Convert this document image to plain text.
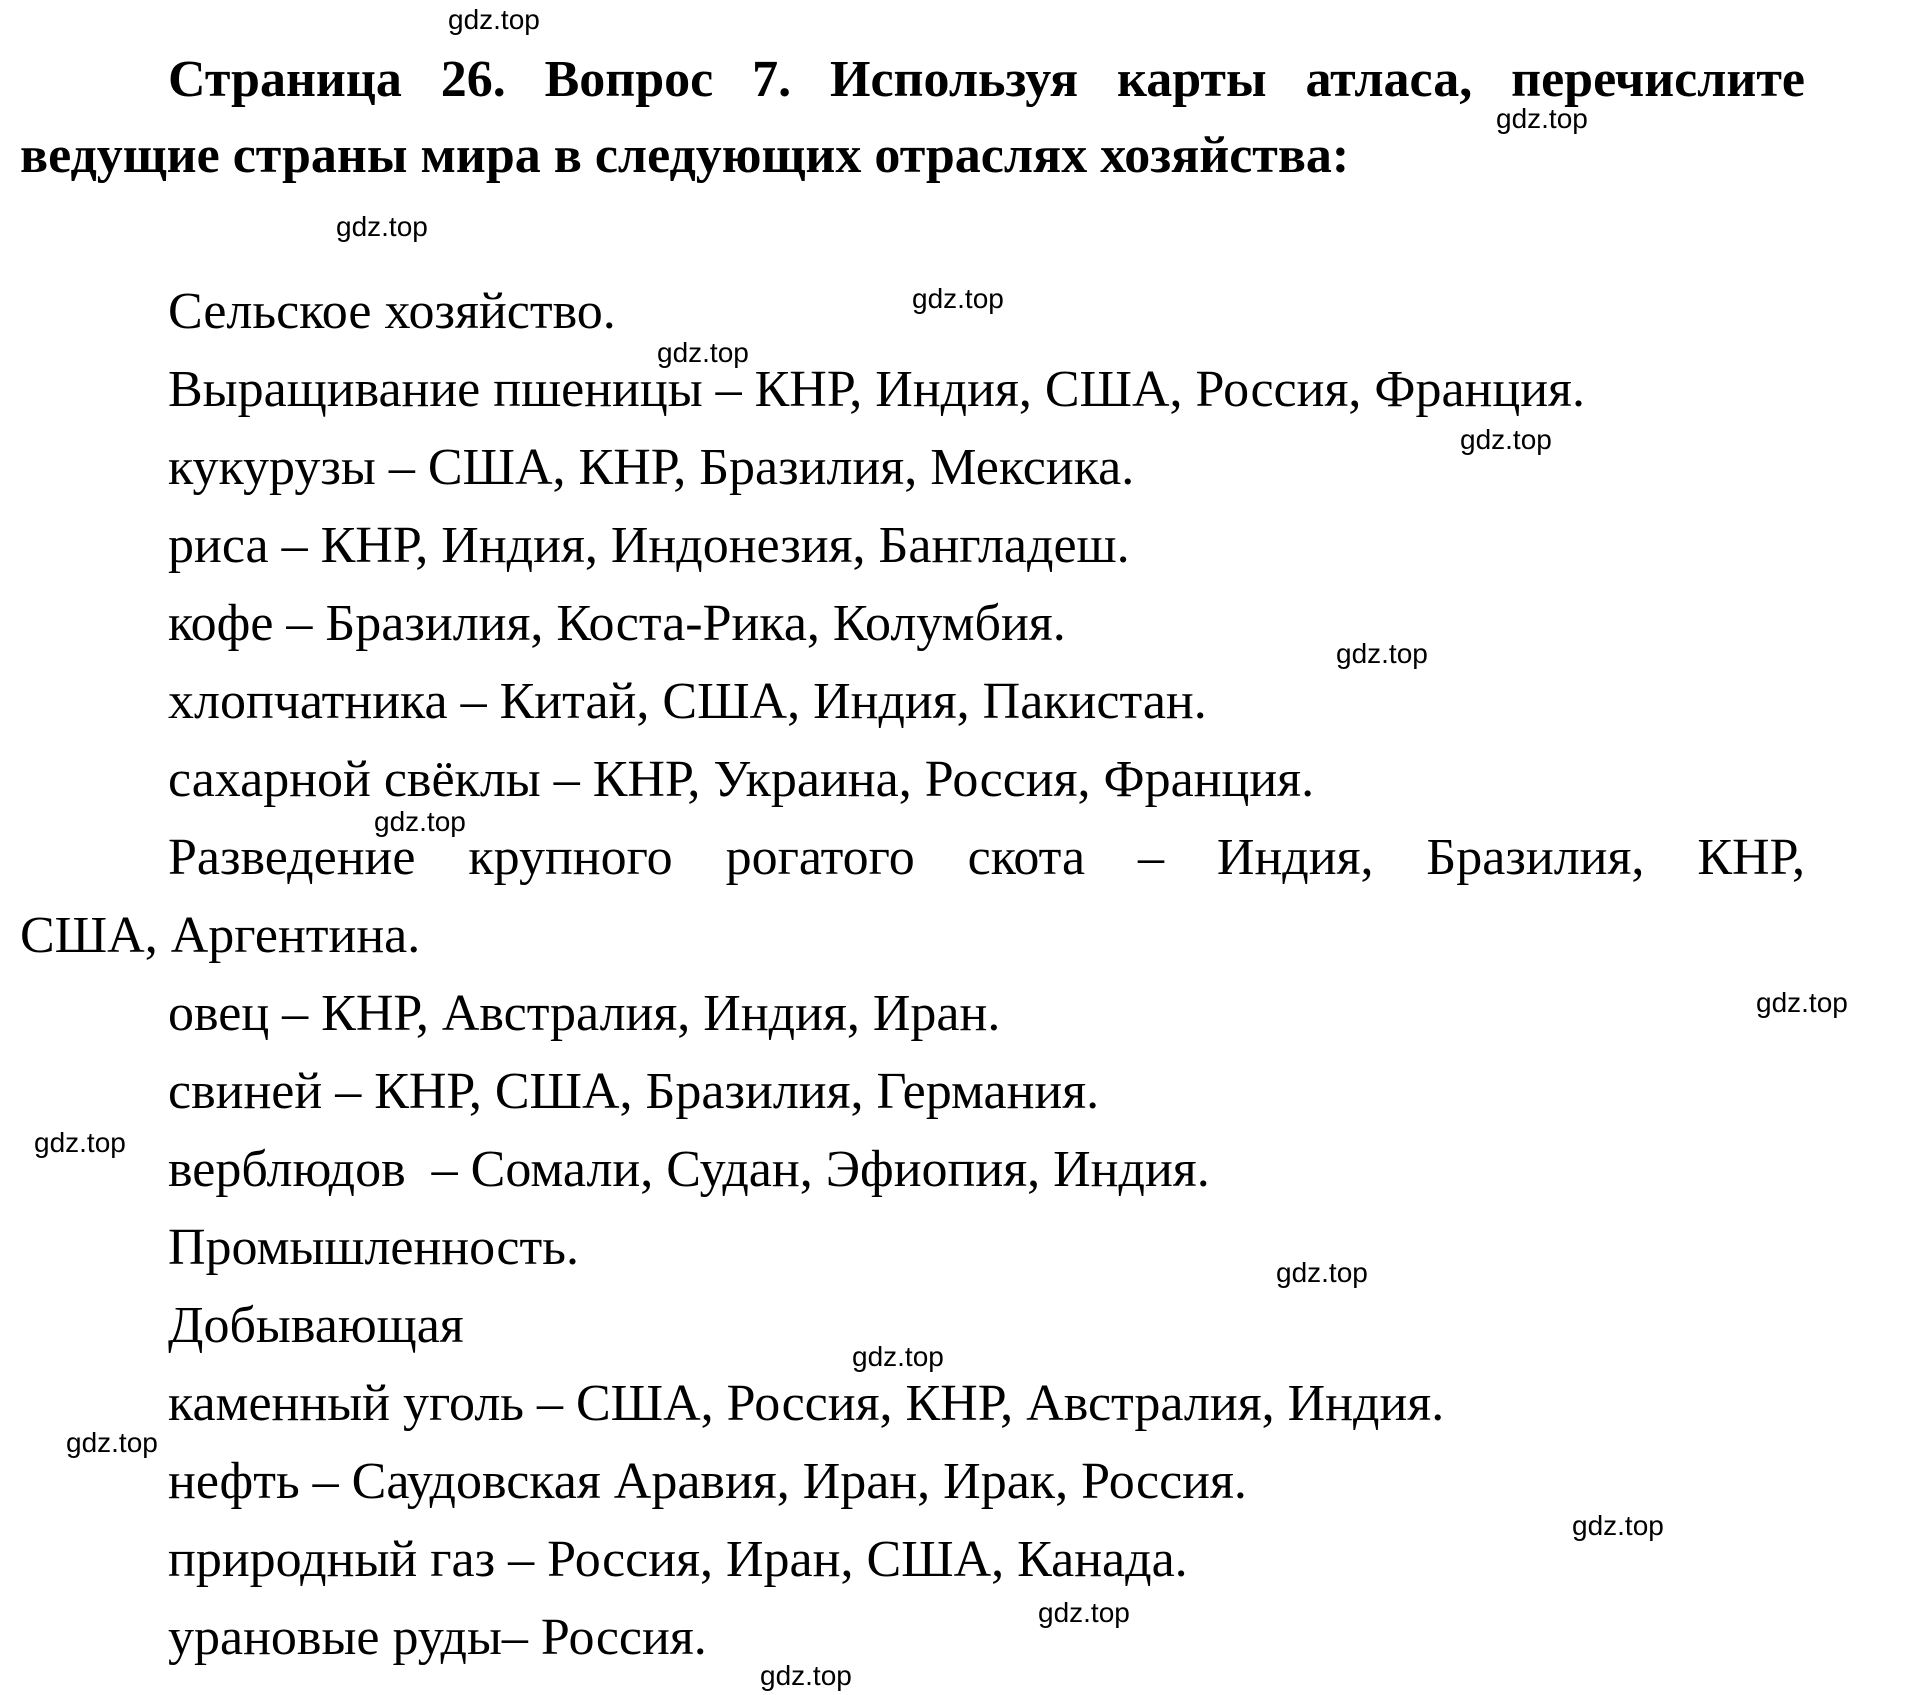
Страница 26. Вопрос 7. Используя карты атласа, перечислите ведущие страны мира в следующих отраслях хозяйства:

Сельское хозяйство.

Выращивание пшеницы – КНР, Индия, США, Россия, Франция.

кукурузы – США, КНР, Бразилия, Мексика.

риса – КНР, Индия, Индонезия, Бангладеш.

кофе – Бразилия, Коста-Рика, Колумбия.

хлопчатника – Китай, США, Индия, Пакистан.

сахарной свёклы – КНР, Украина, Россия, Франция.

Разведение крупного рогатого скота – Индия, Бразилия, КНР,

США, Аргентина.

овец – КНР, Австралия, Индия, Иран.

свиней – КНР, США, Бразилия, Германия.

верблюдов  – Сомали, Судан, Эфиопия, Индия.

Промышленность.

Добывающая

каменный уголь – США, Россия, КНР, Австралия, Индия.

нефть – Саудовская Аравия, Иран, Ирак, Россия.

природный газ – Россия, Иран, США, Канада.

урановые руды– Россия.

gdz.top
gdz.top
gdz.top
gdz.top
gdz.top
gdz.top
gdz.top
gdz.top
gdz.top
gdz.top
gdz.top
gdz.top
gdz.top
gdz.top
gdz.top
gdz.top
